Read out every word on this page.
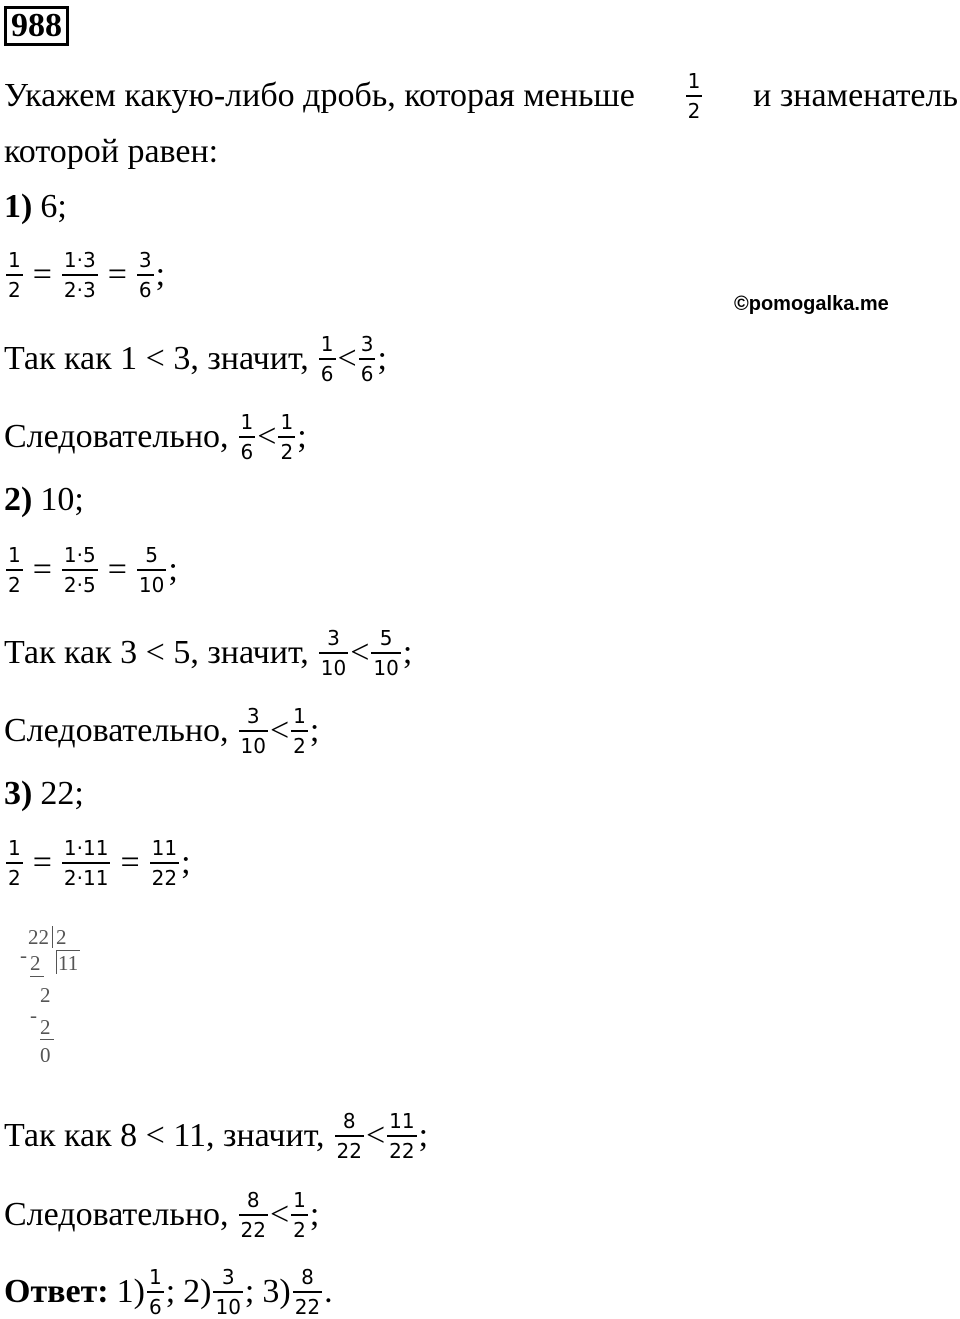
988
Укажем какую-либо дробь, которая меньше	$\frac{1}{2}$ и знаменатель
которой равен:
©pomogalka.me
1) 6;
$\frac{1}{2} = \frac{1\cdot 3}{2\cdot 3} = \frac{3}{6}$ ;
Так как 1 < 3, значит, $\frac{1}{6} < \frac{3}{6}$ ;
Следовательно, $\frac{1}{6} < \frac{1}{2}$ ;
2) 10;
$\frac{1}{2} = \frac{1\cdot 5}{2\cdot 5} = \frac{5}{10}$ ;
Так как 3 < 5, значит, $\frac{3}{10} < \frac{5}{10}$ ;
Следовательно, $\frac{3}{10} < \frac{1}{2}$ ;
3) 22;
$\frac{1}{2} = \frac{1\cdot 11}{2\cdot 11} = \frac{11}{22}$ ;
22 2
11
- 2
2
- 2
0
Так как 8 < 11, значит, $\frac{8}{22} < \frac{11}{22}$ ;
Следовательно, $\frac{8}{22} < \frac{1}{2}$ ;
Ответ: $1) \frac{1}{6}$ ; $2) \frac{3}{10}$ ; $3) \frac{8}{22}$ .
